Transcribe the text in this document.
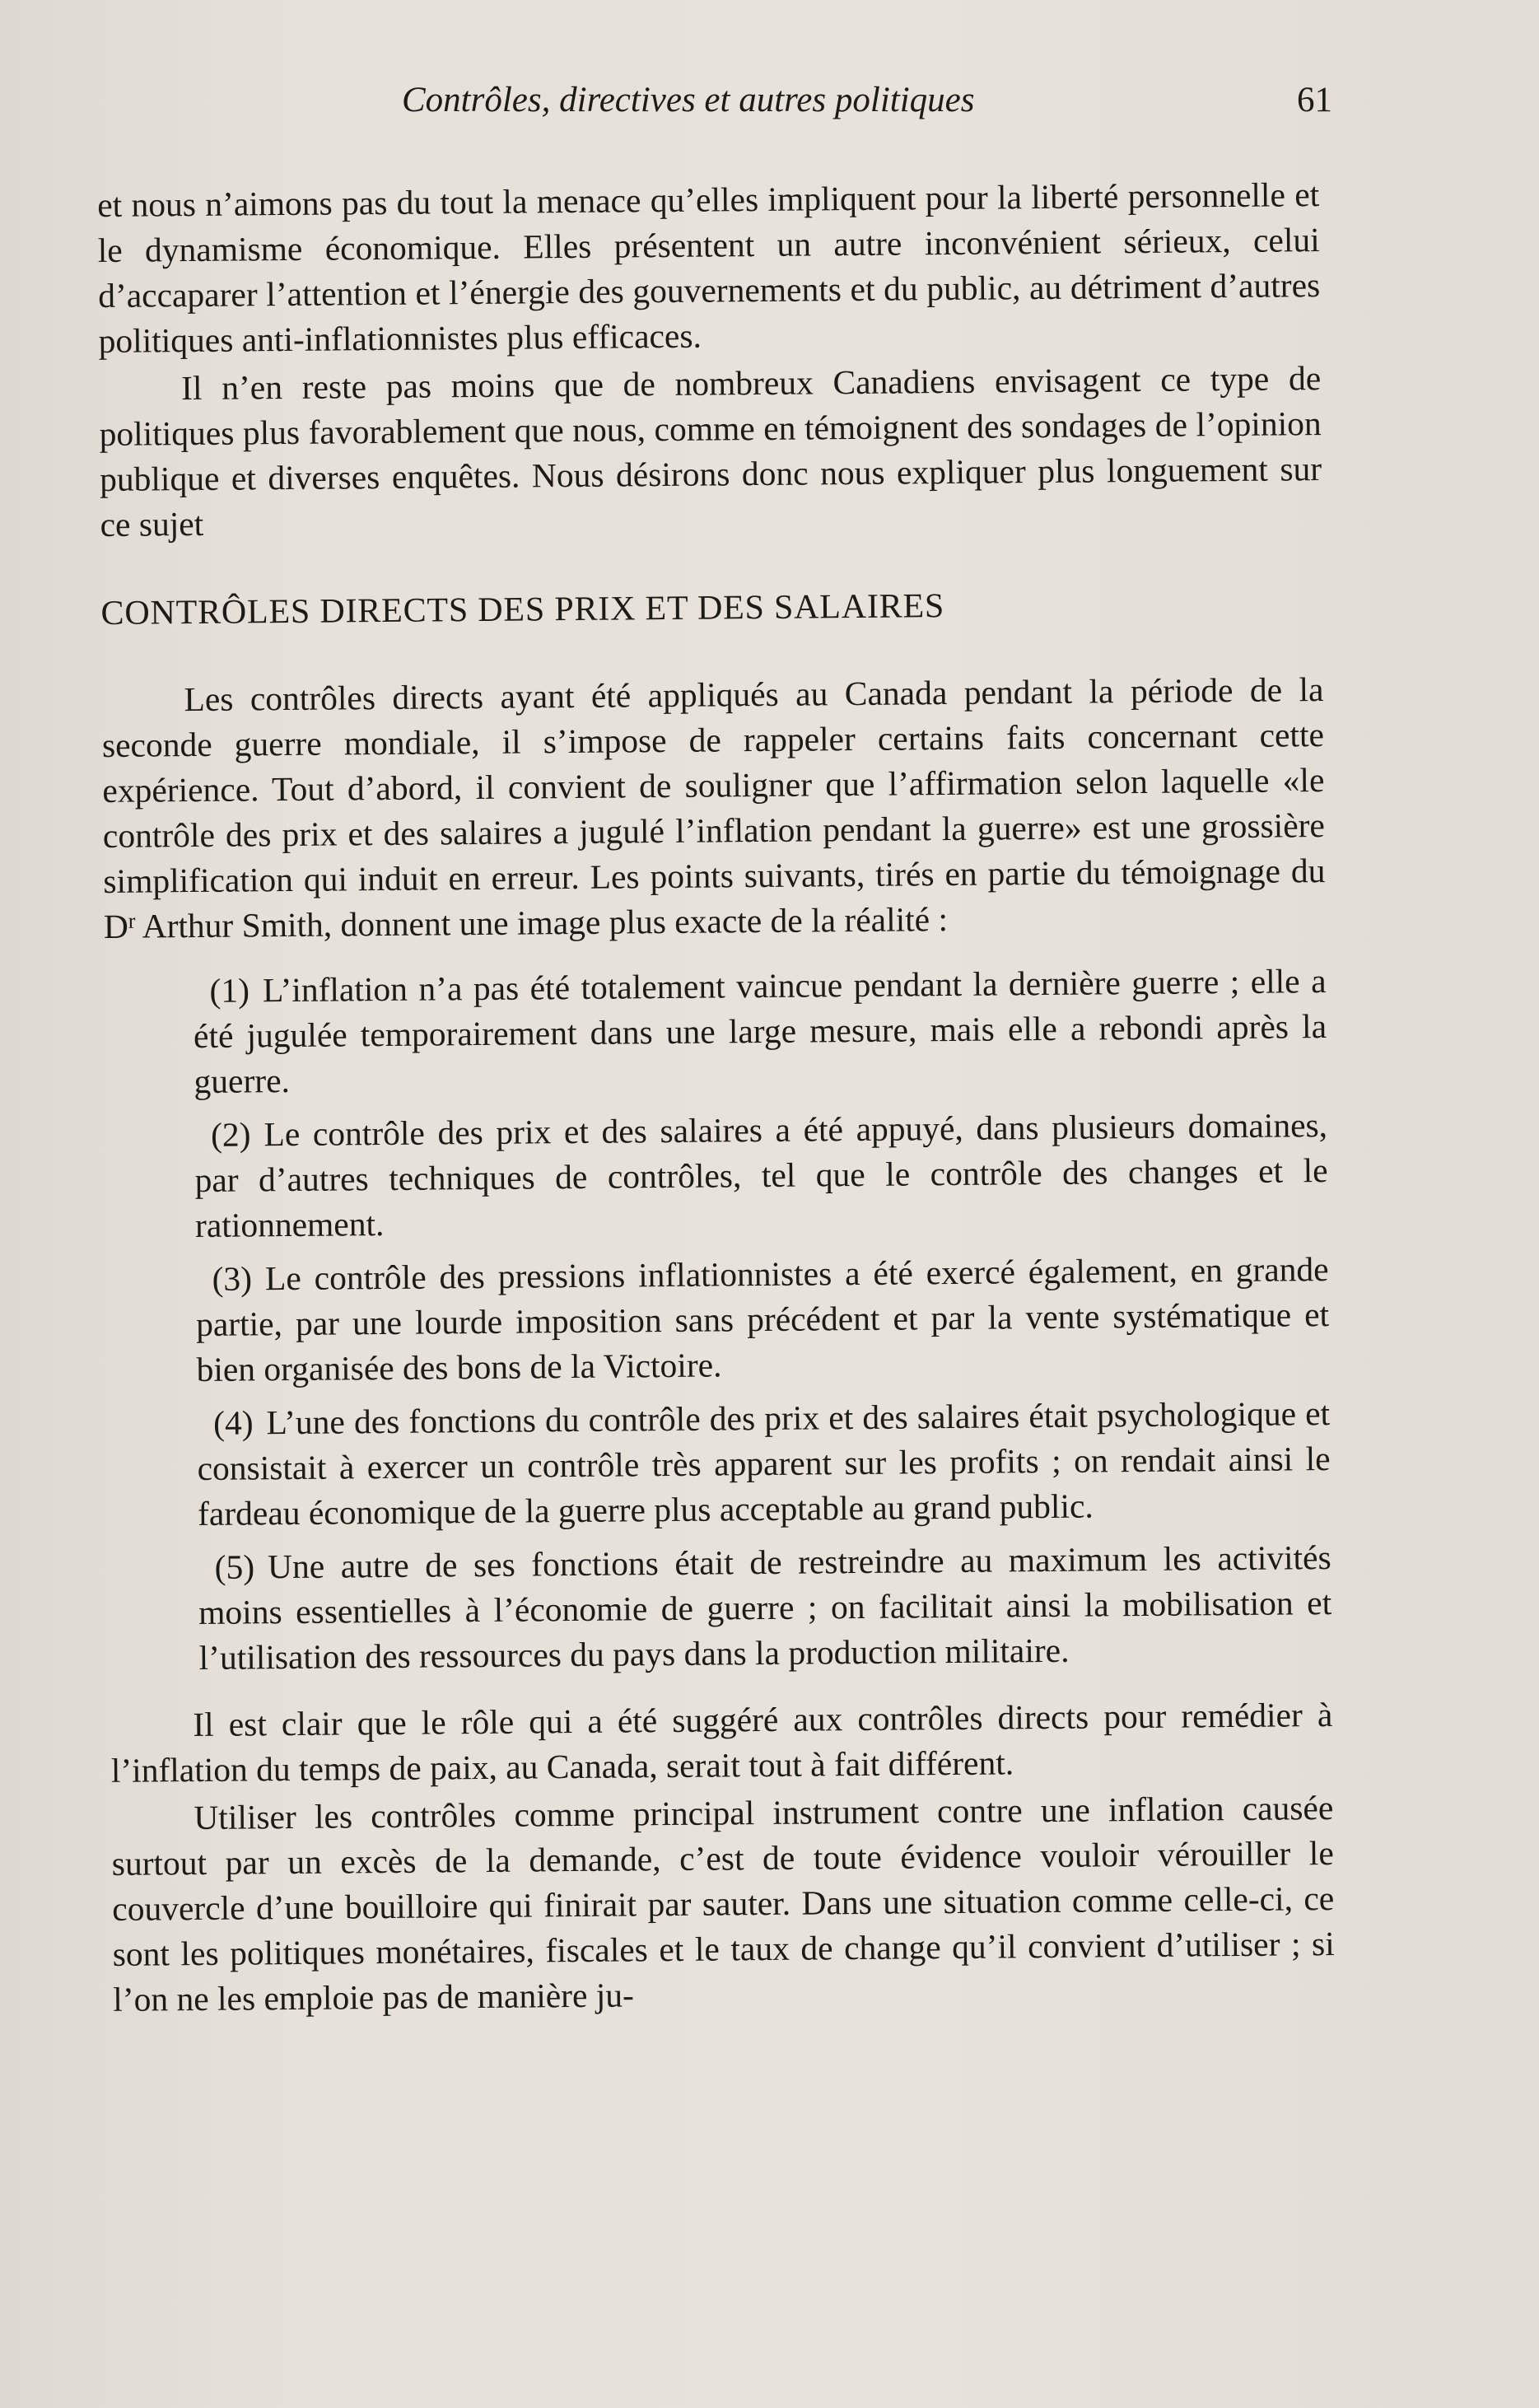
Contrôles, directives et autres politiques	61

et nous n’aimons pas du tout la menace qu’elles impliquent pour la liberté personnelle et le dynamisme économique. Elles présentent un autre inconvénient sérieux, celui d’accaparer l’attention et l’énergie des gouvernements et du public, au détriment d’autres politiques anti-inflationnistes plus efficaces.

Il n’en reste pas moins que de nombreux Canadiens envisagent ce type de politiques plus favorablement que nous, comme en témoignent des sondages de l’opinion publique et diverses enquêtes. Nous désirons donc nous expliquer plus longuement sur ce sujet

CONTRÔLES DIRECTS DES PRIX ET DES SALAIRES

Les contrôles directs ayant été appliqués au Canada pendant la période de la seconde guerre mondiale, il s’impose de rappeler certains faits concernant cette expérience. Tout d’abord, il convient de souligner que l’affirmation selon laquelle «le contrôle des prix et des salaires a jugulé l’inflation pendant la guerre» est une grossière simplification qui induit en erreur. Les points suivants, tirés en partie du témoignage du $D^r$ Arthur Smith, donnent une image plus exacte de la réalité :

(1) L’inflation n’a pas été totalement vaincue pendant la dernière guerre ; elle a été jugulée temporairement dans une large mesure, mais elle a rebondi après la guerre.

(2) Le contrôle des prix et des salaires a été appuyé, dans plusieurs domaines, par d’autres techniques de contrôles, tel que le contrôle des changes et le rationnement.

(3) Le contrôle des pressions inflationnistes a été exercé également, en grande partie, par une lourde imposition sans précédent et par la vente systématique et bien organisée des bons de la Victoire.

(4) L’une des fonctions du contrôle des prix et des salaires était psychologique et consistait à exercer un contrôle très apparent sur les profits ; on rendait ainsi le fardeau économique de la guerre plus acceptable au grand public.

(5) Une autre de ses fonctions était de restreindre au maximum les activités moins essentielles à l’économie de guerre ; on facilitait ainsi la mobilisation et l’utilisation des ressources du pays dans la production militaire.

Il est clair que le rôle qui a été suggéré aux contrôles directs pour remédier à l’inflation du temps de paix, au Canada, serait tout à fait différent.

Utiliser les contrôles comme principal instrument contre une inflation causée surtout par un excès de la demande, c’est de toute évidence vouloir vérouiller le couvercle d’une bouilloire qui finirait par sauter. Dans une situation comme celle-ci, ce sont les politiques monétaires, fiscales et le taux de change qu’il convient d’utiliser ; si l’on ne les emploie pas de manière ju-
